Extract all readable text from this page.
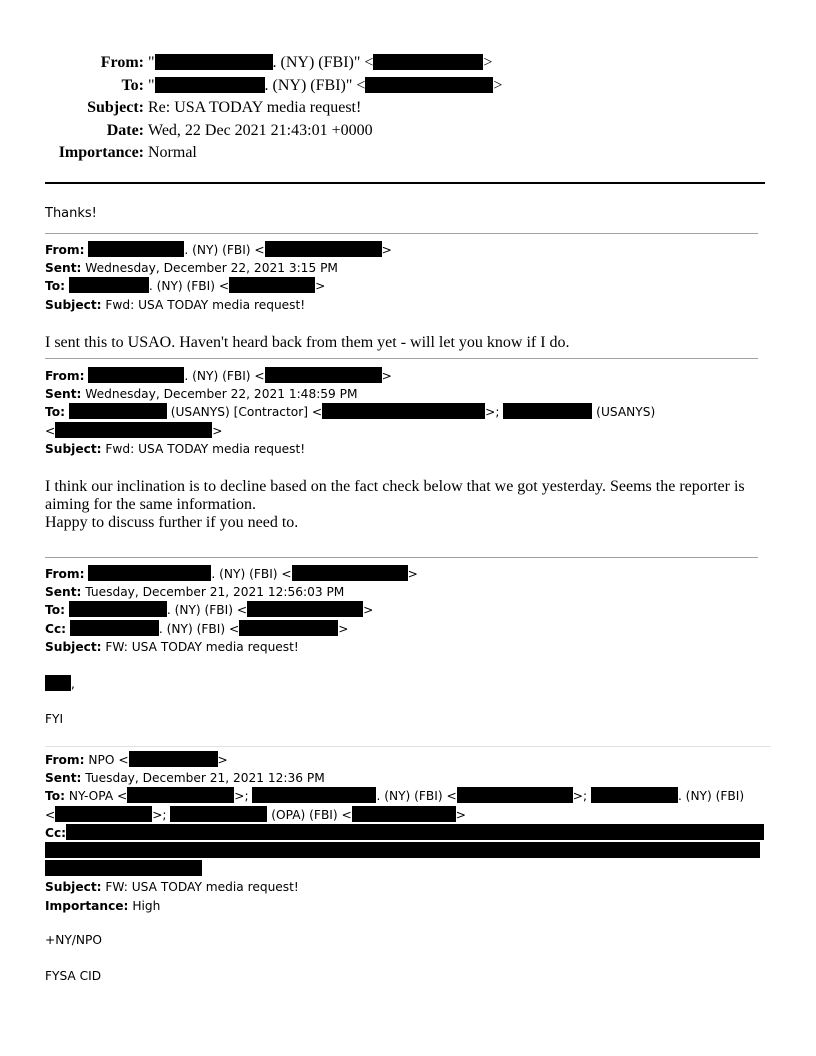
From: "	. (NY) (FBI)" <	>
To: "	. (NY) (FBI)" <	>
Subject: Re: USA TODAY media request!
Date: Wed, 22 Dec 2021 21:43:01 +0000
Importance: Normal
Thanks!
From:	. (NY) (FBI) <	>
Sent: Wednesday, December 22, 2021 3:15 PM
To:	. (NY) (FBI) <	>
Subject: Fwd: USA TODAY media request!
I sent this to USAO. Haven't heard back from them yet - will let you know if I do.
From:	. (NY) (FBI) <	>
Sent: Wednesday, December 22, 2021 1:48:59 PM
To:	(USANYS) [Contractor] <	>;	(USANYS)
<	>
Subject: Fwd: USA TODAY media request!
I think our inclination is to decline based on the fact check below that we got yesterday. Seems the reporter is
aiming for the same information.
Happy to discuss further if you need to.
From:	. (NY) (FBI) <	>
Sent: Tuesday, December 21, 2021 12:56:03 PM
To:	. (NY) (FBI) <	>
Cc:	. (NY) (FBI) <	>
Subject: FW: USA TODAY media request!
,
FYI
From: NPO <	>
Sent: Tuesday, December 21, 2021 12:36 PM
To: NY-OPA <	>;	. (NY) (FBI) <	>;	. (NY) (FBI)
<	>;	(OPA) (FBI) <	>
Cc:
Subject: FW: USA TODAY media request!
Importance: High
+NY/NPO
FYSA CID
